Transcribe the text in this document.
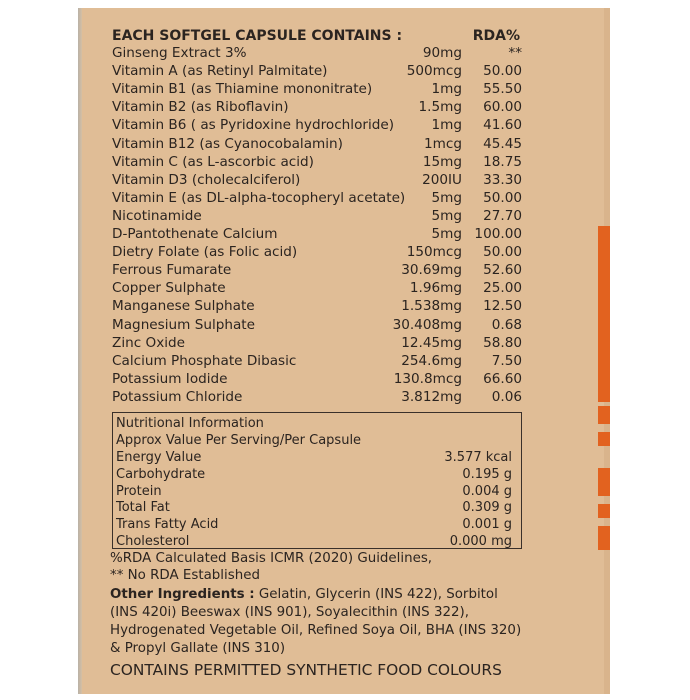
EACH SOFTGEL CAPSULE CONTAINS :	RDA%
Ginseng Extract 3%	90mg	**
Vitamin A (as Retinyl Palmitate)	500mcg 50.00
Vitamin B1 (as Thiamine mononitrate)	1mg 55.50
Vitamin B2 (as Riboflavin)	1.5mg 60.00
Vitamin B6 ( as Pyridoxine hydrochloride)	1mg 41.60
Vitamin B12 (as Cyanocobalamin)	1mcg 45.45
Vitamin C (as L-ascorbic acid)	15mg 18.75
Vitamin D3 (cholecalciferol)	200IU 33.30
Vitamin E (as DL-alpha-tocopheryl acetate) 5mg 50.00
Nicotinamide	5mg 27.70
D-Pantothenate Calcium	5mg 100.00
Dietry Folate (as Folic acid)	150mcg 50.00
Ferrous Fumarate	30.69mg 52.60
Copper Sulphate	1.96mg 25.00
Manganese Sulphate	1.538mg 12.50
Magnesium Sulphate	30.408mg 0.68
Zinc Oxide	12.45mg 58.80
Calcium Phosphate Dibasic	254.6mg 7.50
Potassium Iodide	130.8mcg 66.60
Potassium Chloride	3.812mg 0.06
Nutritional Information
Approx Value Per Serving/Per Capsule
Energy Value	3.577 kcal
Carbohydrate	0.195 g
Protein	0.004 g
Total Fat	0.309 g
Trans Fatty Acid	0.001 g
Cholesterol	0.000 mg
%RDA Calculated Basis ICMR (2020) Guidelines,
** No RDA Established
Other Ingredients : Gelatin, Glycerin (INS 422), Sorbitol
(INS 420i) Beeswax (INS 901), Soyalecithin (INS 322),
Hydrogenated Vegetable Oil, Refined Soya Oil, BHA (INS 320)
& Propyl Gallate (INS 310)
CONTAINS PERMITTED SYNTHETIC FOOD COLOURS
